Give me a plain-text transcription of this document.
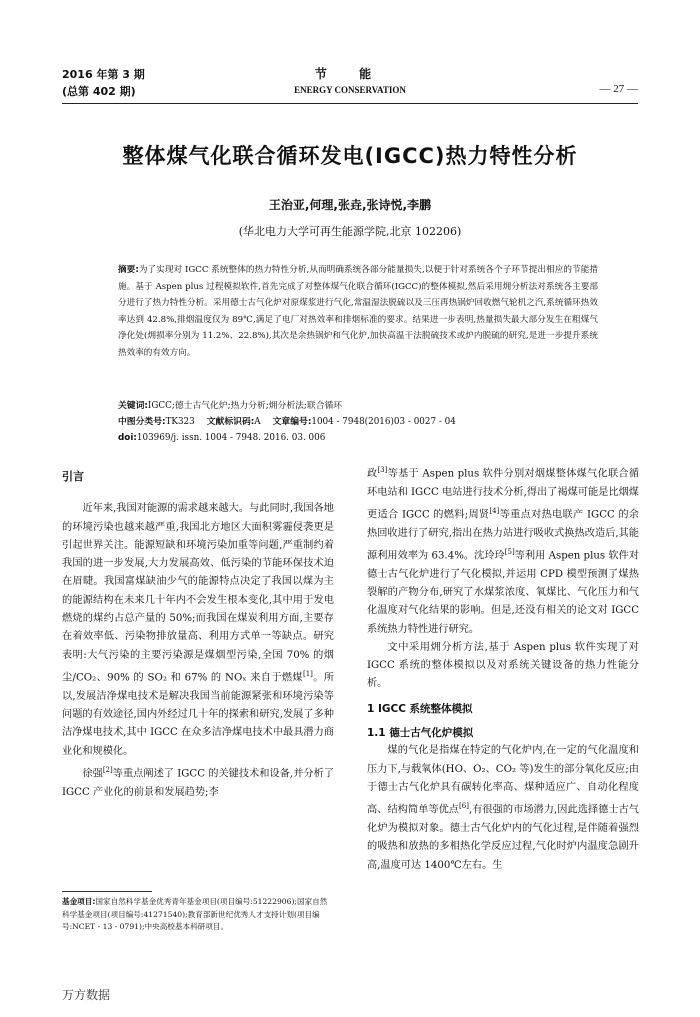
2016 年第 3 期
(总第 402 期)
节 能
ENERGY CONSERVATION	— 27 —
整体煤气化联合循环发电(IGCC)热力特性分析
王治亚,何理,张垚,张诗悦,李鹏
(华北电力大学可再生能源学院,北京 102206)
摘要:为了实现对 IGCC 系统整体的热力特性分析,从而明确系统各部分能量损失,以便于针对系统各个子环节提出相应的节能措施。基于 Aspen plus 过程模拟软件,首先完成了对整体煤气化联合循环(IGCC)的整体模拟,然后采用㶲分析法对系统各主要部分进行了热力特性分析。采用德士古气化炉对原煤浆进行气化,常温湿法脱硫以及三压再热锅炉回收燃气轮机之汽,系统循环热效率达到 42.8%,排烟温度仅为 89℃,满足了电厂对热效率和排烟标准的要求。结果进一步表明,热量损失最大部分发生在粗煤气净化处(㶲损率分别为 11.2%、22.8%),其次是余热锅炉和气化炉,加快高温干法脱硫技术或炉内脱硫的研究,是进一步提升系统热效率的有效方向。
关键词:IGCC;德士古气化炉;热力分析;㶲分析法;联合循环
中图分类号:TK323 文献标识码:A 文章编号:1004 - 7948(2016)03 - 0027 - 04
doi:103969/j. issn. 1004 - 7948. 2016. 03. 006
引言

近年来,我国对能源的需求越来越大。与此同时,我国各地的环境污染也越来越严重,我国北方地区大面积雾霾侵袭更是引起世界关注。能源短缺和环境污染加重等问题,严重制约着我国的进一步发展,大力发展高效、低污染的节能环保技术迫在眉睫。我国富煤缺油少气的能源特点决定了我国以煤为主的能源结构在未来几十年内不会发生根本变化,其中用于发电燃烧的煤约占总产量的 50%;而我国在煤炭利用方面,主要存在着效率低、污染物排放量高、利用方式单一等缺点。研究表明:大气污染的主要污染源是煤烟型污染,全国 70% 的烟尘/CO₂、90% 的 SO₂ 和 67% 的 NOₓ 来自于燃煤[1]。所以,发展洁净煤电技术是解决我国当前能源紧张和环境污染等问题的有效途径,国内外经过几十年的探索和研究,发展了多种洁净煤电技术,其中 IGCC 在众多洁净煤电技术中最具潜力商业化和规模化。

徐强[2]等重点阐述了 IGCC 的关键技术和设备,并分析了 IGCC 产业化的前景和发展趋势;李

政[3]等基于 Aspen plus 软件分别对烟煤整体煤气化联合循环电站和 IGCC 电站进行技术分析,得出了褐煤可能是比烟煤更适合 IGCC 的燃料;周贤[4]等重点对热电联产 IGCC 的余热回收进行了研究,指出在热力站进行吸收式换热改造后,其能源利用效率为 63.4%。沈玲玲[5]等利用 Aspen plus 软件对德士古气化炉进行了气化模拟,并运用 CPD 模型预测了煤热裂解的产物分布,研究了水煤浆浓度、氧煤比、气化压力和气化温度对气化结果的影响。但是,还没有相关的论文对 IGCC 系统热力特性进行研究。

文中采用㶲分析方法,基于 Aspen plus 软件实现了对 IGCC 系统的整体模拟以及对系统关键设备的热力性能分析。

1 IGCC 系统整体模拟
1.1 德士古气化炉模拟

煤的气化是指煤在特定的气化炉内,在一定的气化温度和压力下,与载氧体(HO、O₂、CO₂ 等)发生的部分氧化反应;由于德士古气化炉具有碳转化率高、煤种适应广、自动化程度高、结构简单等优点[6],有很强的市场潜力,因此选择德士古气化炉为模拟对象。德士古气化炉内的气化过程,是伴随着强烈的吸热和放热的多相热化学反应过程,气化时炉内温度急剧升高,温度可达 1400℃左右。生

基金项目:国家自然科学基金优秀青年基金项目(项目编号:51222906);国家自然科学基金项目(项目编号:41271540);教育部新世纪优秀人才支持计划(项目编号:NCET - 13 - 0791);中央高校基本科研项目。
万方数据
